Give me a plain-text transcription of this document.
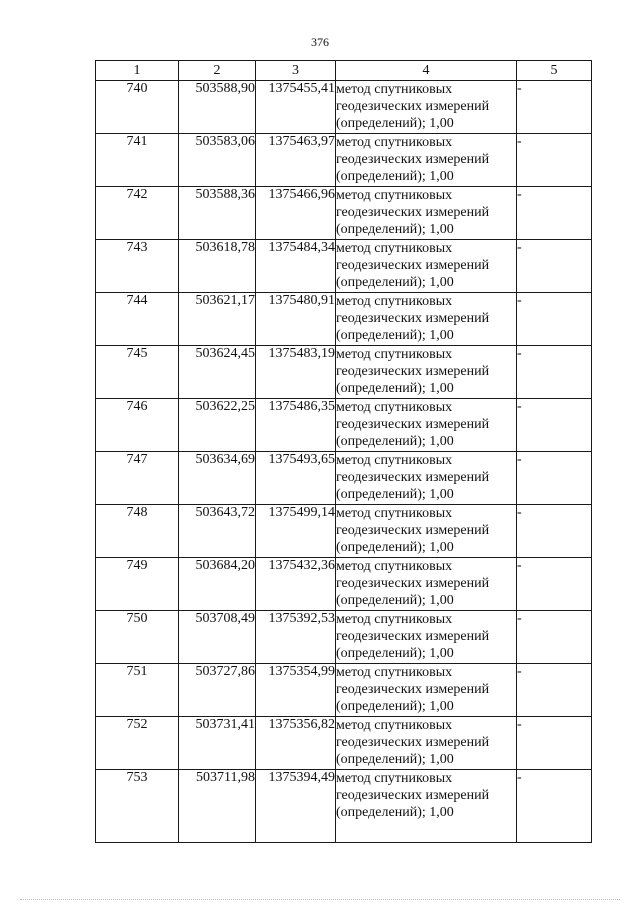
376
1	2	3	4	5
740	503588,90	1375455,41	метод спутниковых
геодезических измерений
(определений); 1,00	-
741	503583,06	1375463,97	метод спутниковых
геодезических измерений
(определений); 1,00	-
742	503588,36	1375466,96	метод спутниковых
геодезических измерений
(определений); 1,00	-
743	503618,78	1375484,34	метод спутниковых
геодезических измерений
(определений); 1,00	-
744	503621,17	1375480,91	метод спутниковых
геодезических измерений
(определений); 1,00	-
745	503624,45	1375483,19	метод спутниковых
геодезических измерений
(определений); 1,00	-
746	503622,25	1375486,35	метод спутниковых
геодезических измерений
(определений); 1,00	-
747	503634,69	1375493,65	метод спутниковых
геодезических измерений
(определений); 1,00	-
748	503643,72	1375499,14	метод спутниковых
геодезических измерений
(определений); 1,00	-
749	503684,20	1375432,36	метод спутниковых
геодезических измерений
(определений); 1,00	-
750	503708,49	1375392,53	метод спутниковых
геодезических измерений
(определений); 1,00	-
751	503727,86	1375354,99	метод спутниковых
геодезических измерений
(определений); 1,00	-
752	503731,41	1375356,82	метод спутниковых
геодезических измерений
(определений); 1,00	-
753	503711,98	1375394,49	метод спутниковых
геодезических измерений
(определений); 1,00	-
